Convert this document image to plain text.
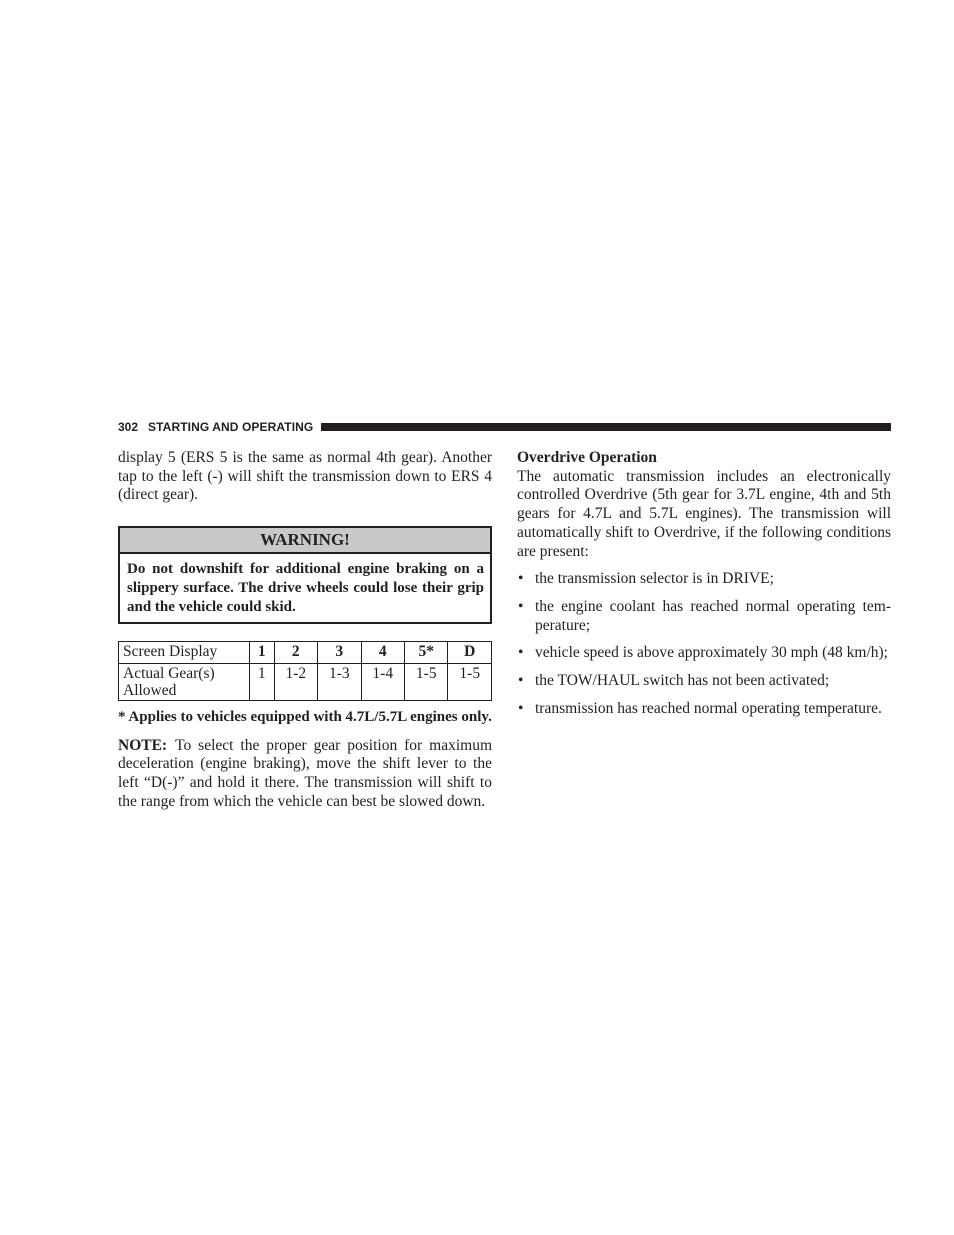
302 STARTING AND OPERATING

display 5 (ERS 5 is the same as normal 4th gear). Another tap to the left (-) will shift the transmission down to ERS 4 (direct gear).

WARNING!
Do not downshift for additional engine braking on a slippery surface. The drive wheels could lose their grip and the vehicle could skid.
Screen Display	1	2	3	4	5*	D
Actual Gear(s) Allowed	1	1-2	1-3	1-4	1-5	1-5

* Applies to vehicles equipped with 4.7L/5.7L engines only.

NOTE: To select the proper gear position for maximum deceleration (engine braking), move the shift lever to the left “D(-)” and hold it there. The transmission will shift to the range from which the vehicle can best be slowed down.

Overdrive Operation

The automatic transmission includes an electronically controlled Overdrive (5th gear for 3.7L engine, 4th and 5th gears for 4.7L and 5.7L engines). The transmission will automatically shift to Overdrive, if the following conditions are present:

• the transmission selector is in DRIVE;
• the engine coolant has reached normal operating tem- perature;
• vehicle speed is above approximately 30 mph (48 km/h);
• the TOW/HAUL switch has not been activated;
• transmission has reached normal operating temperature.
